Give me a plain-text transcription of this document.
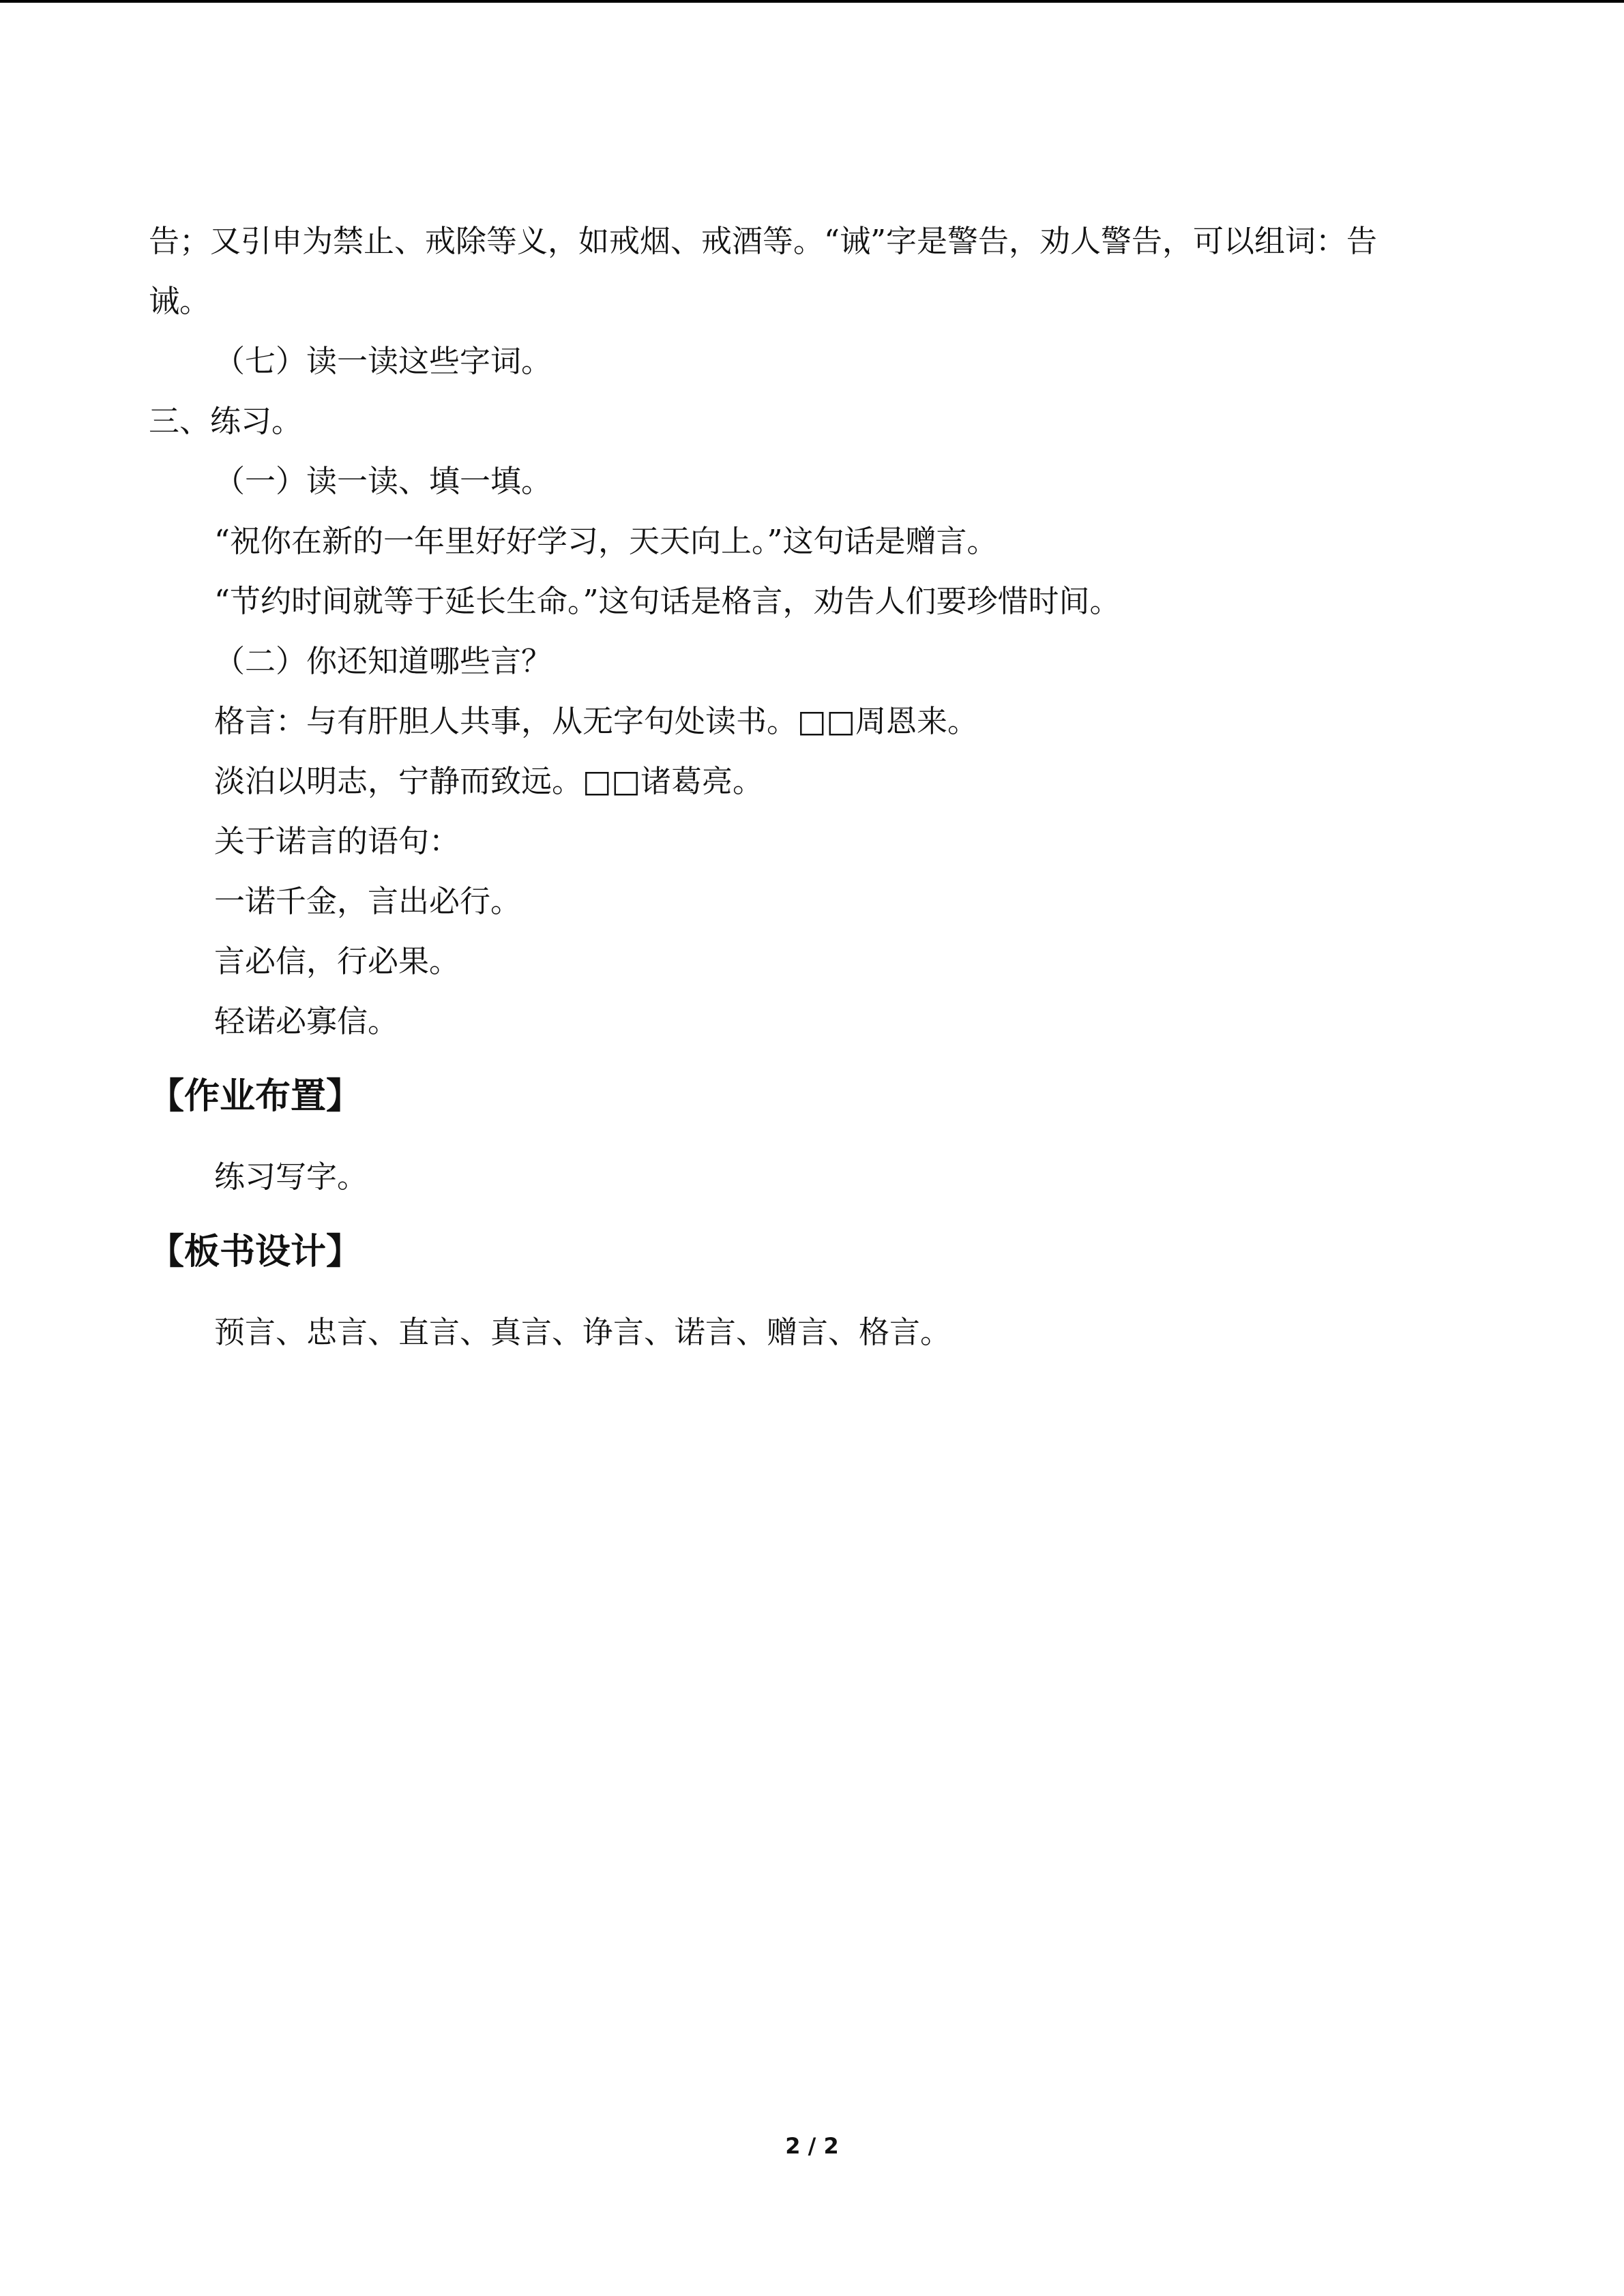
告；又引申为禁止、戒除等义，如戒烟、戒酒等。“诫”字是警告，劝人警告，可以组词：告

诫。

（七）读一读这些字词。

三、练习。

（一）读一读、填一填。

“祝你在新的一年里好好学习，天天向上。”这句话是赠言。

“节约时间就等于延长生命。”这句话是格言，劝告人们要珍惜时间。

（二）你还知道哪些言？

格言：与有肝胆人共事，从无字句处读书。□□周恩来。

淡泊以明志，宁静而致远。□□诸葛亮。

关于诺言的语句：

一诺千金，言出必行。

言必信，行必果。

轻诺必寡信。

【作业布置】

练习写字。

【板书设计】

预言、忠言、直言、真言、诤言、诺言、赠言、格言。

2 / 2
